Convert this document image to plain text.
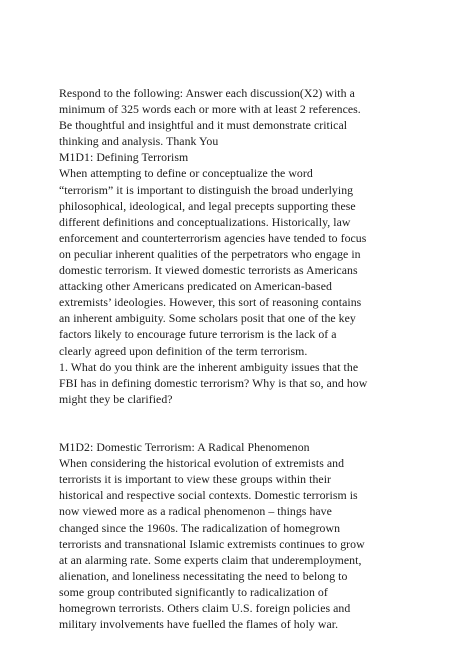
Respond to the following: Answer each discussion(X2) with a
minimum of 325 words each or more with at least 2 references.
Be thoughtful and insightful and it must demonstrate critical
thinking and analysis. Thank You
M1D1: Defining Terrorism
When attempting to define or conceptualize the word
“terrorism” it is important to distinguish the broad underlying
philosophical, ideological, and legal precepts supporting these
different definitions and conceptualizations. Historically, law
enforcement and counterterrorism agencies have tended to focus
on peculiar inherent qualities of the perpetrators who engage in
domestic terrorism. It viewed domestic terrorists as Americans
attacking other Americans predicated on American-based
extremists’ ideologies. However, this sort of reasoning contains
an inherent ambiguity. Some scholars posit that one of the key
factors likely to encourage future terrorism is the lack of a
clearly agreed upon definition of the term terrorism.
1. What do you think are the inherent ambiguity issues that the
FBI has in defining domestic terrorism? Why is that so, and how
might they be clarified?
M1D2: Domestic Terrorism: A Radical Phenomenon
When considering the historical evolution of extremists and
terrorists it is important to view these groups within their
historical and respective social contexts. Domestic terrorism is
now viewed more as a radical phenomenon – things have
changed since the 1960s. The radicalization of homegrown
terrorists and transnational Islamic extremists continues to grow
at an alarming rate. Some experts claim that underemployment,
alienation, and loneliness necessitating the need to belong to
some group contributed significantly to radicalization of
homegrown terrorists. Others claim U.S. foreign policies and
military involvements have fuelled the flames of holy war.
